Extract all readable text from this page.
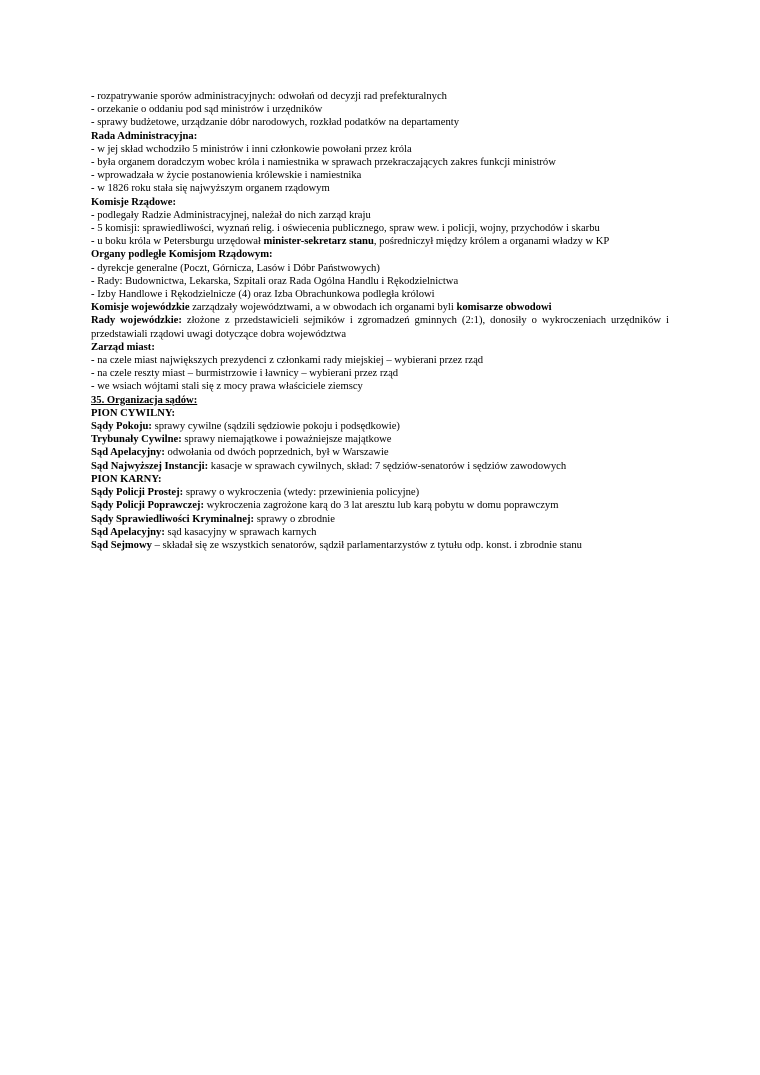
- rozpatrywanie sporów administracyjnych: odwołań od decyzji rad prefekturalnych
- orzekanie o oddaniu pod sąd ministrów i urzędników
- sprawy budżetowe, urządzanie dóbr narodowych, rozkład podatków na departamenty
Rada Administracyjna:
- w jej skład wchodziło 5 ministrów i inni członkowie powołani przez króla
- była organem doradczym wobec króla i namiestnika w sprawach przekraczających zakres funkcji ministrów
- wprowadzała w życie postanowienia królewskie i namiestnika
- w 1826 roku stała się najwyższym organem rządowym
Komisje Rządowe:
- podlegały Radzie Administracyjnej, należał do nich zarząd kraju
- 5 komisji: sprawiedliwości, wyznań relig. i oświecenia publicznego, spraw wew. i policji, wojny, przychodów i skarbu
- u boku króla w Petersburgu urzędował minister-sekretarz stanu, pośredniczył między królem a organami władzy w KP
Organy podległe Komisjom Rządowym:
- dyrekcje generalne (Poczt, Górnicza, Lasów i Dóbr Państwowych)
- Rady: Budownictwa, Lekarska, Szpitali oraz Rada Ogólna Handlu i Rękodzielnictwa
- Izby Handlowe i Rękodzielnicze (4) oraz Izba Obrachunkowa podległa królowi
Komisje wojewódzkie zarządzały województwami, a w obwodach ich organami byli komisarze obwodowi
Rady wojewódzkie: złożone z przedstawicieli sejmików i zgromadzeń gminnych (2:1), donosiły o wykroczeniach urzędników i przedstawiali rządowi uwagi dotyczące dobra województwa
Zarząd miast:
- na czele miast największych prezydenci z członkami rady miejskiej – wybierani przez rząd
- na czele reszty miast – burmistrzowie i ławnicy – wybierani przez rząd
- we wsiach wójtami stali się z mocy prawa właściciele ziemscy
35. Organizacja sądów:
PION CYWILNY:
Sądy Pokoju: sprawy cywilne (sądzili sędziowie pokoju i podsędkowie)
Trybunały Cywilne: sprawy niemajątkowe i poważniejsze majątkowe
Sąd Apelacyjny: odwołania od dwóch poprzednich, był w Warszawie
Sąd Najwyższej Instancji: kasacje w sprawach cywilnych, skład: 7 sędziów-senatorów i sędziów zawodowych
PION KARNY:
Sądy Policji Prostej: sprawy o wykroczenia (wtedy: przewinienia policyjne)
Sądy Policji Poprawczej: wykroczenia zagrożone karą do 3 lat aresztu lub karą pobytu w domu poprawczym
Sądy Sprawiedliwości Kryminalnej: sprawy o zbrodnie
Sąd Apelacyjny: sąd kasacyjny w sprawach karnych
Sąd Sejmowy – składał się ze wszystkich senatorów, sądził parlamentarzystów z tytułu odp. konst. i zbrodnie stanu
